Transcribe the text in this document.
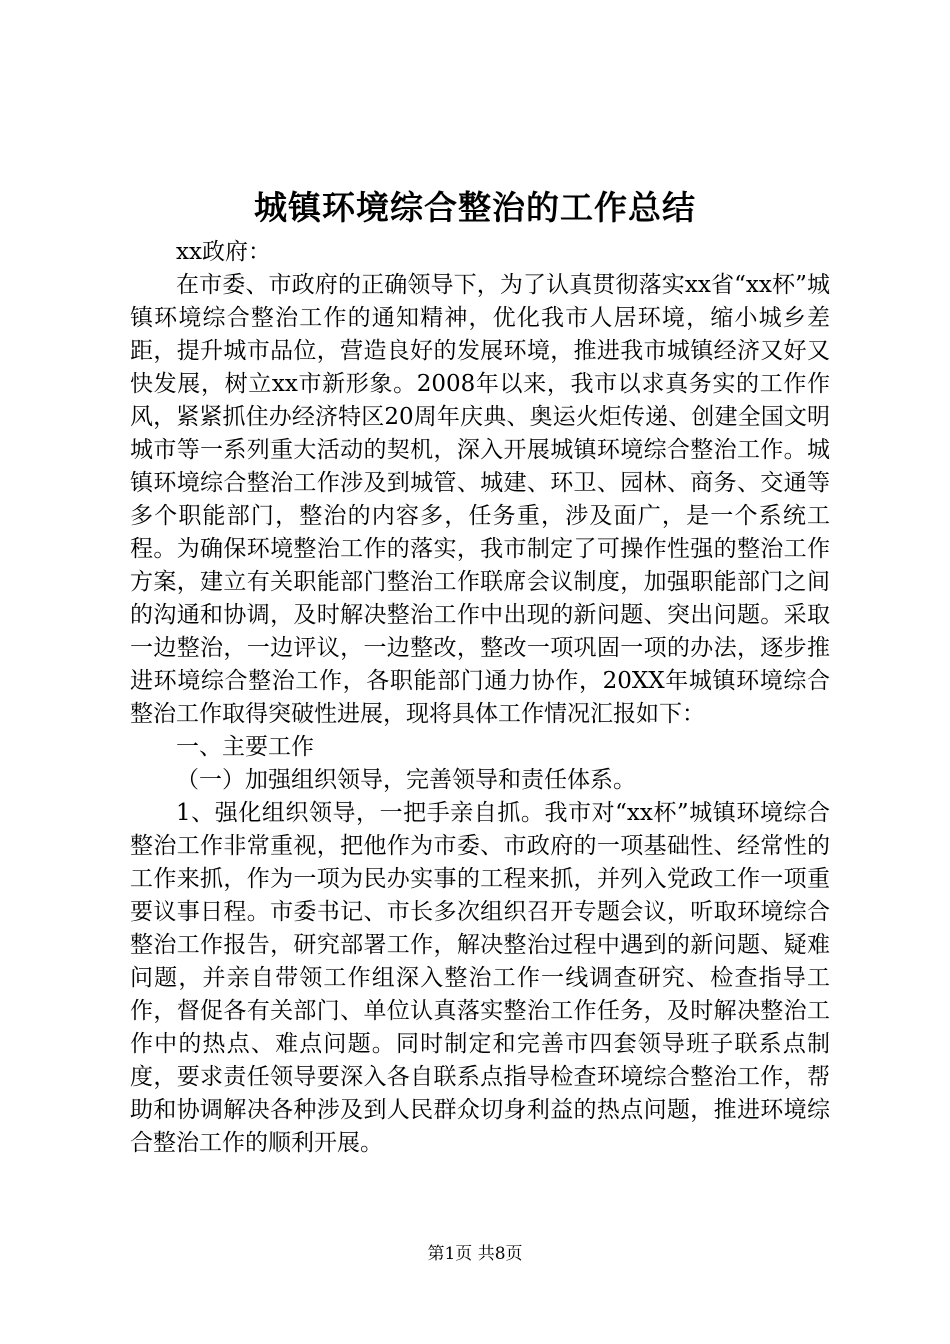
城镇环境综合整治的工作总结

xx政府：

在市委、市政府的正确领导下，为了认真贯彻落实xx省“xx杯”城镇环境综合整治工作的通知精神，优化我市人居环境，缩小城乡差距，提升城市品位，营造良好的发展环境，推进我市城镇经济又好又快发展，树立xx市新形象。2008年以来，我市以求真务实的工作作风，紧紧抓住办经济特区20周年庆典、奥运火炬传递、创建全国文明城市等一系列重大活动的契机，深入开展城镇环境综合整治工作。城镇环境综合整治工作涉及到城管、城建、环卫、园林、商务、交通等多个职能部门，整治的内容多，任务重，涉及面广，是一个系统工程。为确保环境整治工作的落实，我市制定了可操作性强的整治工作方案，建立有关职能部门整治工作联席会议制度，加强职能部门之间的沟通和协调，及时解决整治工作中出现的新问题、突出问题。采取一边整治，一边评议，一边整改，整改一项巩固一项的办法，逐步推进环境综合整治工作，各职能部门通力协作，20XX年城镇环境综合整治工作取得突破性进展，现将具体工作情况汇报如下：

一、主要工作

（一）加强组织领导，完善领导和责任体系。

1、强化组织领导，一把手亲自抓。我市对“xx杯”城镇环境综合整治工作非常重视，把他作为市委、市政府的一项基础性、经常性的工作来抓，作为一项为民办实事的工程来抓，并列入党政工作一项重要议事日程。市委书记、市长多次组织召开专题会议，听取环境综合整治工作报告，研究部署工作，解决整治过程中遇到的新问题、疑难问题，并亲自带领工作组深入整治工作一线调查研究、检查指导工作，督促各有关部门、单位认真落实整治工作任务，及时解决整治工作中的热点、难点问题。同时制定和完善市四套领导班子联系点制度，要求责任领导要深入各自联系点指导检查环境综合整治工作，帮助和协调解决各种涉及到人民群众切身利益的热点问题，推进环境综合整治工作的顺利开展。

第1页 共8页
